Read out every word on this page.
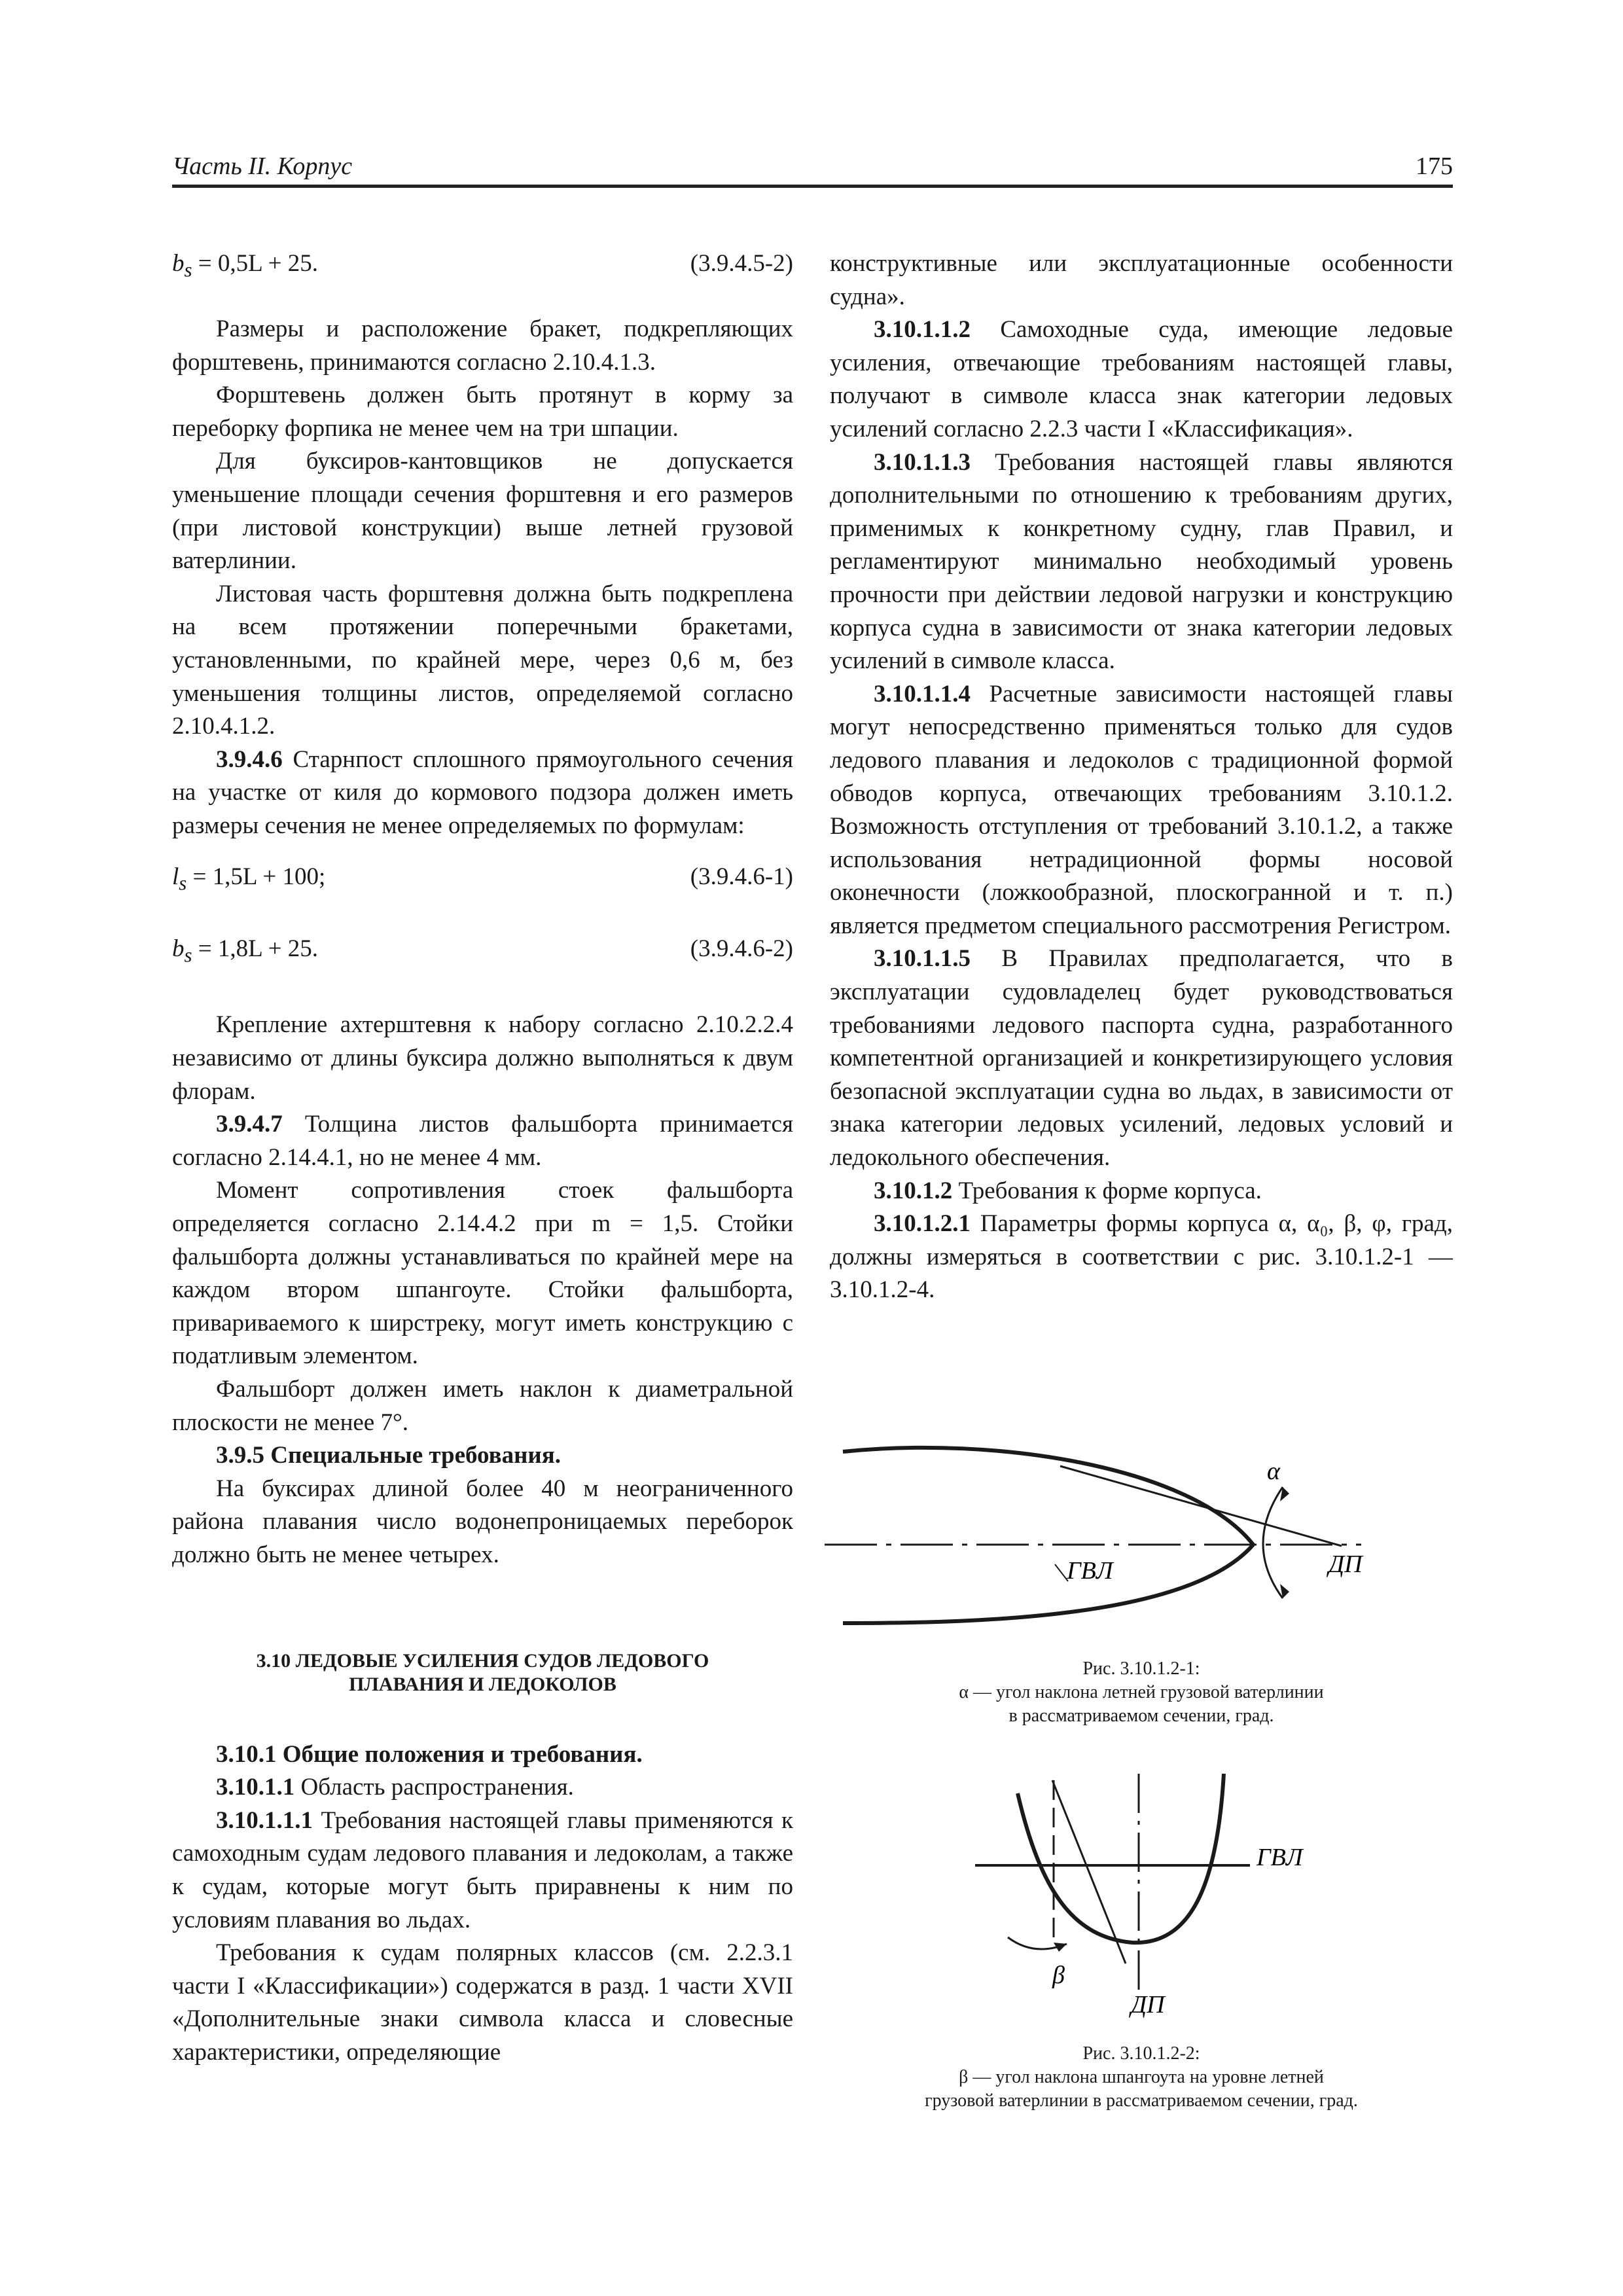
Часть II. Корпус	175
$b_s = 0,5L + 25$.	(3.9.4.5-2)

Размеры и расположение бракет, подкрепляющих форштевень, принимаются согласно 2.10.4.1.3.

Форштевень должен быть протянут в корму за переборку форпика не менее чем на три шпации.

Для буксиров-кантовщиков не допускается уменьшение площади сечения форштевня и его размеров (при листовой конструкции) выше летней грузовой ватерлинии.

Листовая часть форштевня должна быть подкреплена на всем протяжении поперечными бракетами, установленными, по крайней мере, через 0,6 м, без уменьшения толщины листов, определяемой согласно 2.10.4.1.2.

3.9.4.6 Старнпост сплошного прямоугольного сечения на участке от киля до кормового подзора должен иметь размеры сечения не менее определяемых по формулам:

$l_s = 1,5L + 100$;	(3.9.4.6-1)
$b_s = 1,8L + 25$.	(3.9.4.6-2)

Крепление ахтерштевня к набору согласно 2.10.2.2.4 независимо от длины буксира должно выполняться к двум флорам.

3.9.4.7 Толщина листов фальшборта принимается согласно 2.14.4.1, но не менее 4 мм.

Момент сопротивления стоек фальшборта определяется согласно 2.14.4.2 при m = 1,5. Стойки фальшборта должны устанавливаться по крайней мере на каждом втором шпангоуте. Стойки фальшборта, привариваемого к ширстреку, могут иметь конструкцию с податливым элементом.

Фальшборт должен иметь наклон к диаметральной плоскости не менее 7°.

3.9.5 Специальные требования.

На буксирах длиной более 40 м неограниченного района плавания число водонепроницаемых переборок должно быть не менее четырех.

3.10 ЛЕДОВЫЕ УСИЛЕНИЯ СУДОВ ЛЕДОВОГО ПЛАВАНИЯ И ЛЕДОКОЛОВ

3.10.1 Общие положения и требования.

3.10.1.1 Область распространения.

3.10.1.1.1 Требования настоящей главы применяются к самоходным судам ледового плавания и ледоколам, а также к судам, которые могут быть приравнены к ним по условиям плавания во льдах.

Требования к судам полярных классов (см. 2.2.3.1 части I «Классификации») содержатся в разд. 1 части XVII «Дополнительные знаки символа класса и словесные характеристики, определяющие

конструктивные или эксплуатационные особенности судна».

3.10.1.1.2 Самоходные суда, имеющие ледовые усиления, отвечающие требованиям настоящей главы, получают в символе класса знак категории ледовых усилений согласно 2.2.3 части I «Классификация».

3.10.1.1.3 Требования настоящей главы являются дополнительными по отношению к требованиям других, применимых к конкретному судну, глав Правил, и регламентируют минимально необходимый уровень прочности при действии ледовой нагрузки и конструкцию корпуса судна в зависимости от знака категории ледовых усилений в символе класса.

3.10.1.1.4 Расчетные зависимости настоящей главы могут непосредственно применяться только для судов ледового плавания и ледоколов с традиционной формой обводов корпуса, отвечающих требованиям 3.10.1.2. Возможность отступления от требований 3.10.1.2, а также использования нетрадиционной формы носовой оконечности (ложкообразной, плоскогранной и т. п.) является предметом специального рассмотрения Регистром.

3.10.1.1.5 В Правилах предполагается, что в эксплуатации судовладелец будет руководствоваться требованиями ледового паспорта судна, разработанного компетентной организацией и конкретизирующего условия безопасной эксплуатации судна во льдах, в зависимости от знака категории ледовых усилений, ледовых условий и ледокольного обеспечения.

3.10.1.2 Требования к форме корпуса.

3.10.1.2.1 Параметры формы корпуса α, α₀, β, φ, град, должны измеряться в соответствии с рис. 3.10.1.2-1 — 3.10.1.2-4.

α
ГВЛ	ДП
Рис. 3.10.1.2-1:
α — угол наклона летней грузовой ватерлинии
в рассматриваемом сечении, град.
ГВЛ
β
ДП
Рис. 3.10.1.2-2:
β — угол наклона шпангоута на уровне летней
грузовой ватерлинии в рассматриваемом сечении, град.
